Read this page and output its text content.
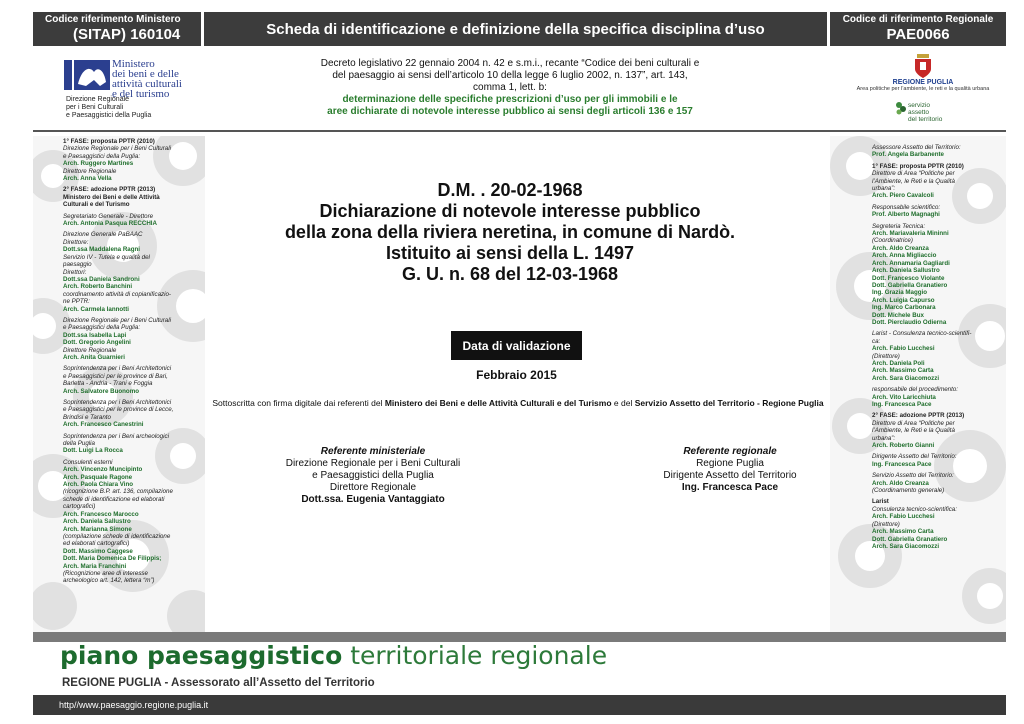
Codice riferimento Ministero
(SITAP) 160104	Scheda di identificazione e definizione della specifica disciplina d’uso
Codice di riferimento Regionale
PAE0066
Ministero
dei beni e delle
attività culturali
e del turismo
Direzione Regionale
per i Beni Culturali
e Paesaggistici della Puglia
Decreto legislativo 22 gennaio 2004 n. 42 e s.m.i., recante “Codice dei beni culturali e
del paesaggio ai sensi dell’articolo 10 della legge 6 luglio 2002, n. 137”, art. 143,
comma 1, lett. b:
determinazione delle specifiche prescrizioni d’uso per gli immobili e le
aree dichiarate di notevole interesse pubblico ai sensi degli articoli 136 e 157
REGIONE PUGLIA
Area politiche per l’ambiente, le reti e la qualità urbana
servizio
assetto
del territorio
1° FASE: proposta PPTR (2010)
Direzione Regionale per i Beni Culturali
e Paesaggistici della Puglia:
Arch. Ruggero Martines
Direttore Regionale
Arch. Anna Vella
2° FASE: adozione PPTR (2013)
Ministero dei Beni e delle Attività
Culturali e del Turismo
Segretariato Generale - Direttore
Arch. Antonia Pasqua RECCHIA
Direzione Generale PaBAAC
Direttore:
Dott.ssa Maddalena Ragni
Servizio IV - Tutela e qualità del
paesaggio
Direttori:
Dott.ssa Daniela Sandroni
Arch. Roberto Banchini
coordinamento attività di copianificazio-
ne PPTR:
Arch. Carmela Iannotti
Direzione Regionale per i Beni Culturali
e Paesaggistici della Puglia:
Dott.ssa Isabella Lapi
Dott. Gregorio Angelini
Direttore Regionale
Arch. Anita Guarnieri
Soprintendenza per i Beni Architettonici
e Paesaggistici per le province di Bari,
Barletta - Andria - Trani e Foggia
Arch. Salvatore Buonomo
Soprintendenza per i Beni Architettonici
e Paesaggistici per le province di Lecce,
Brindisi e Taranto
Arch. Francesco Canestrini
Soprintendenza per i Beni archeologici
della Puglia
Dott. Luigi La Rocca
Consulenti esterni
Arch. Vincenzo Muncipinto
Arch. Pasquale Ragone
Arch. Paola Chiara Vino
(ricognizione B.P. art. 136, compilazione
schede di identificazione ed elaborati
cartografici)
Arch. Francesco Marocco
Arch. Daniela Sallustro
Arch. Marianna Simone
(compilazione schede di identificazione
ed elaborati cartografici)
Dott. Massimo Caggese
Dott. Maria Domenica De Filippis;
Arch. Maria Franchini
(Ricognizione aree di interesse
archeologico art. 142, lettera “m”)
Assessore Assetto del Territorio:
Prof. Angela Barbanente
1° FASE: proposta PPTR (2010)
Direttore di Area “Politiche per
l’Ambiente, le Reti e la Qualità
urbana”:
Arch. Piero Cavalcoli
Responsabile scientifico:
Prof. Alberto Magnaghi
Segreteria Tecnica:
Arch. Mariavaleria Mininni
(Coordinatrice)
Arch. Aldo Creanza
Arch. Anna Migliaccio
Arch. Annamaria Gagliardi
Arch. Daniela Sallustro
Dott. Francesco Violante
Dott. Gabriella Granatiero
Ing. Grazia Maggio
Arch. Luigia Capurso
Ing. Marco Carbonara
Dott. Michele Bux
Dott. Pierclaudio Odierna
Larist - Consulenza tecnico-scientifi-
ca:
Arch. Fabio Lucchesi
(Direttore)
Arch. Daniela Poli
Arch. Massimo Carta
Arch. Sara Giacomozzi
responsabile del procedimento:
Arch. Vito Laricchiuta
Ing. Francesca Pace
2° FASE: adozione PPTR (2013)
Direttore di Area “Politiche per
l’Ambiente, le Reti e la Qualità
urbana”:
Arch. Roberto Gianni
Dirigente Assetto del Territorio:
Ing. Francesca Pace
Servizio Assetto del Territorio:
Arch. Aldo Creanza
(Coordinamento generale)
Larist
Consulenza tecnico-scientifica:
Arch. Fabio Lucchesi
(Direttore)
Arch. Massimo Carta
Dott. Gabriella Granatiero
Arch. Sara Giacomozzi
D.M. . 20-02-1968
Dichiarazione di notevole interesse pubblico
della zona della riviera neretina, in comune di Nardò.
Istituito ai sensi della L. 1497
G. U. n. 68 del 12-03-1968
Data di validazione
Febbraio 2015
Sottoscritta con firma digitale dai referenti del Ministero dei Beni e delle Attività Culturali e del Turismo e del Servizio Assetto del Territorio - Regione Puglia
Referente ministeriale
Direzione Regionale per i Beni Culturali
e Paesaggistici della Puglia
Direttore Regionale
Dott.ssa. Eugenia Vantaggiato
Referente regionale
Regione Puglia
Dirigente Assetto del Territorio
Ing. Francesca Pace
piano paesaggistico territoriale regionale
REGIONE PUGLIA - Assessorato all’Assetto del Territorio
http//www.paesaggio.regione.puglia.it
